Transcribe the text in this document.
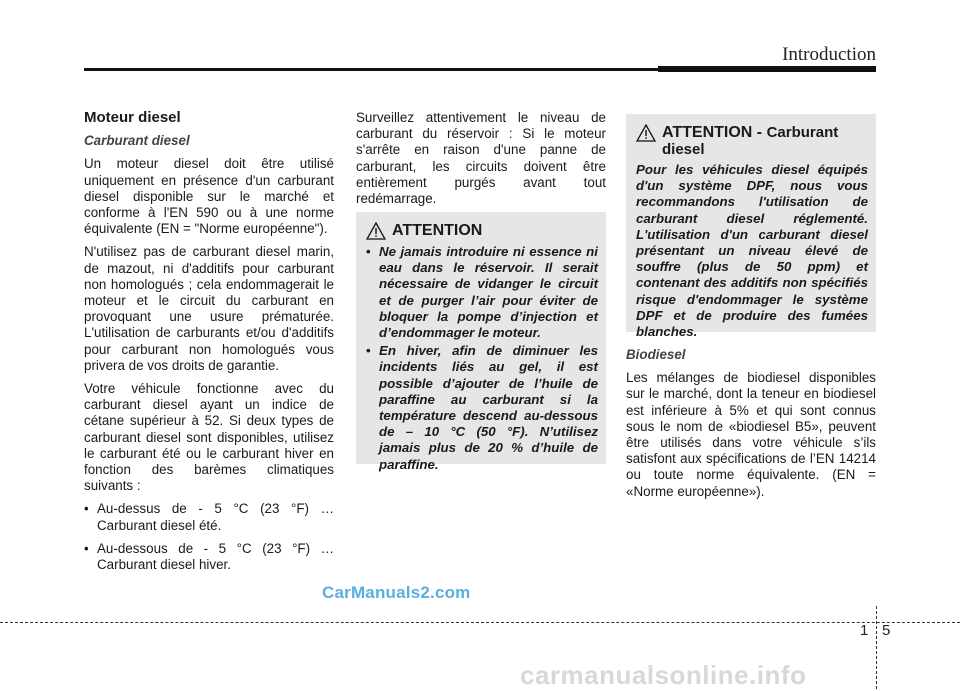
Introduction

Moteur diesel

Carburant diesel

Un moteur diesel doit être utilisé uniquement en présence d'un carburant diesel disponible sur le marché et conforme à l'EN 590 ou à une norme équivalente (EN = "Norme européenne").

N'utilisez pas de carburant diesel marin, de mazout, ni d'additifs pour carburant non homologués ; cela endommagerait le moteur et le circuit du carburant en provoquant une usure prématurée. L'utilisation de carburants et/ou d'additifs pour carburant non homologués vous privera de vos droits de garantie.

Votre véhicule fonctionne avec du carburant diesel ayant un indice de cétane supérieur à 52. Si deux types de carburant diesel sont disponibles, utilisez le carburant été ou le carburant hiver en fonction des barèmes climatiques suivants :

• Au-dessus de - 5 °C (23 °F) … Carburant diesel été.
• Au-dessous de - 5 °C (23 °F) … Carburant diesel hiver.

Surveillez attentivement le niveau de carburant du réservoir : Si le moteur s'arrête en raison d'une panne de carburant, les circuits doivent être entièrement purgés avant tout redémarrage.

ATTENTION
• Ne jamais introduire ni essence ni eau dans le réservoir. Il serait nécessaire de vidanger le circuit et de purger l’air pour éviter de bloquer la pompe d’injection et d’endommager le moteur.
• En hiver, afin de diminuer les incidents liés au gel, il est possible d’ajouter de l’huile de paraffine au carburant si la température descend au-dessous de – 10 °C (50 °F). N’utilisez jamais plus de 20 % d’huile de paraffine.
ATTENTION - Carburant diesel
Pour les véhicules diesel équipés d'un système DPF, nous vous recommandons l'utilisation de carburant diesel réglementé. L'utilisation d'un carburant diesel présentant un niveau élevé de souffre (plus de 50 ppm) et contenant des additifs non spécifiés risque d'endommager le système DPF et de produire des fumées blanches.

Biodiesel

Les mélanges de biodiesel disponibles sur le marché, dont la teneur en biodiesel est inférieure à 5% et qui sont connus sous le nom de «biodiesel B5», peuvent être utilisés dans votre véhicule s’ils satisfont aux spécifications de l’EN 14214 ou toute norme équivalente. (EN = «Norme européenne»).

CarManuals2.com
1 5
carmanualsonline.info
